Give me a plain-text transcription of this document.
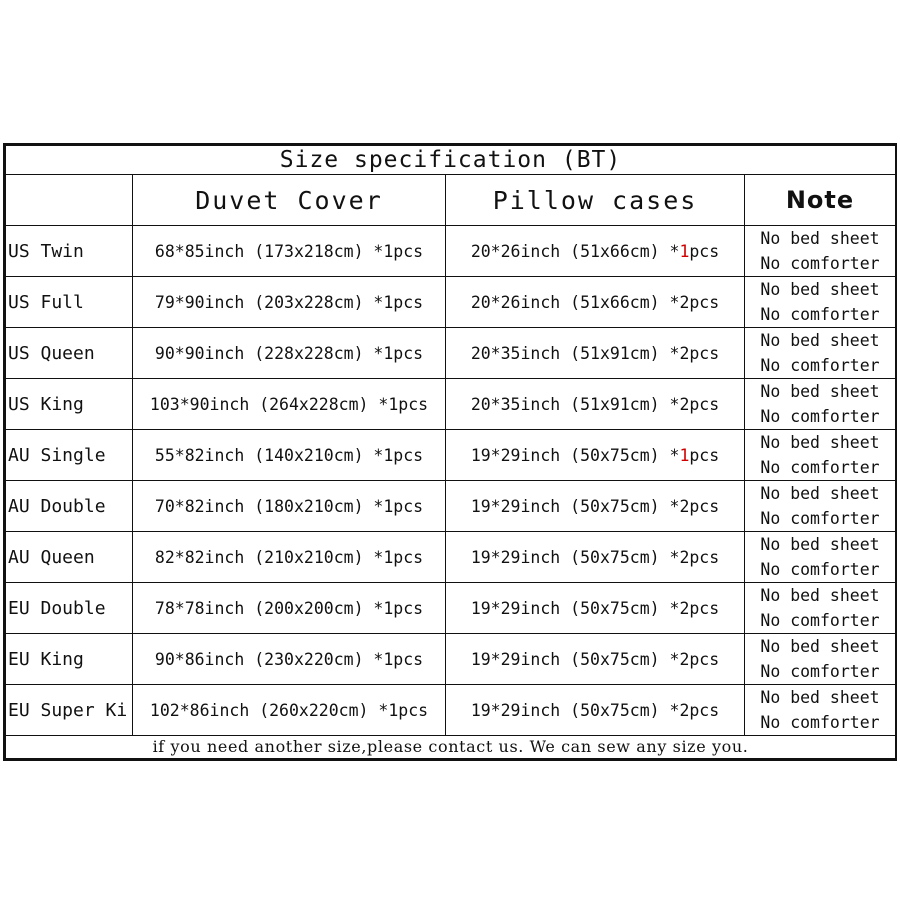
Size specification (BT)			
	Duvet Cover	Pillow cases	Note
US Twin	68*85inch (173x218cm) *1pcs	20*26inch (51x66cm) *1pcs	No bed sheet
No comforter

US Full	79*90inch (203x228cm) *1pcs	20*26inch (51x66cm) *2pcs	No bed sheet
No comforter

US Queen	90*90inch (228x228cm) *1pcs	20*35inch (51x91cm) *2pcs	No bed sheet
No comforter

US King	103*90inch (264x228cm) *1pcs	20*35inch (51x91cm) *2pcs	No bed sheet
No comforter

AU Single	55*82inch (140x210cm) *1pcs	19*29inch (50x75cm) *1pcs	No bed sheet
No comforter

AU Double	70*82inch (180x210cm) *1pcs	19*29inch (50x75cm) *2pcs	No bed sheet
No comforter

AU Queen	82*82inch (210x210cm) *1pcs	19*29inch (50x75cm) *2pcs	No bed sheet
No comforter

EU Double	78*78inch (200x200cm) *1pcs	19*29inch (50x75cm) *2pcs	No bed sheet
No comforter

EU King	90*86inch (230x220cm) *1pcs	19*29inch (50x75cm) *2pcs	No bed sheet
No comforter

EU Super Ki	102*86inch (260x220cm) *1pcs	19*29inch (50x75cm) *2pcs	No bed sheet
No comforter

if you need another size,please contact us. We can sew any size you.			
